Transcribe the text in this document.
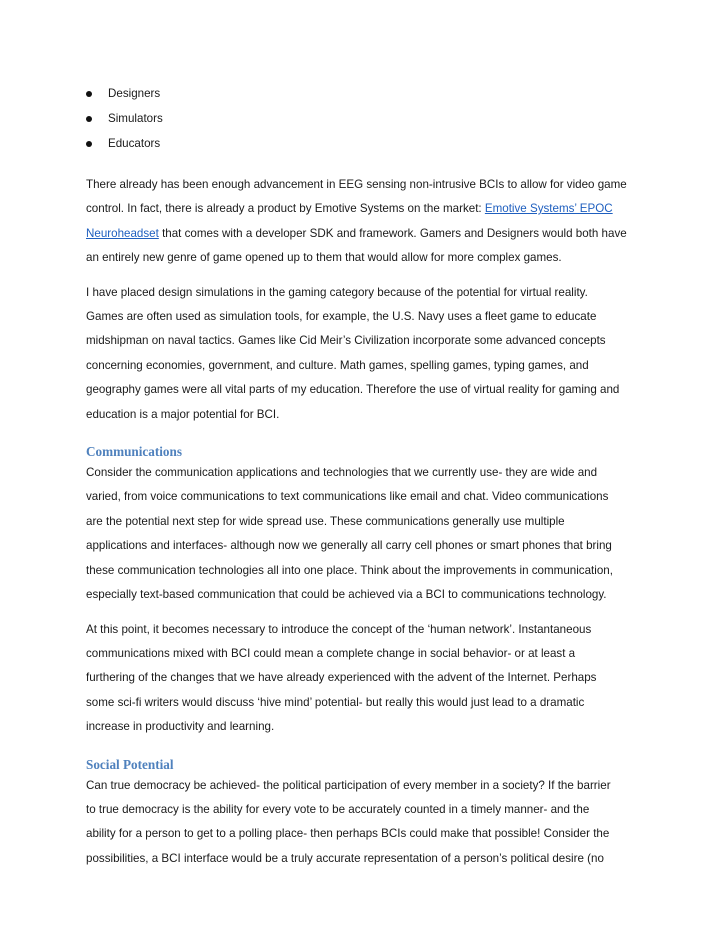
Designers
Simulators
Educators

There already has been enough advancement in EEG sensing non-intrusive BCIs to allow for video game
control. In fact, there is already a product by Emotive Systems on the market: Emotive Systems’ EPOC
Neuroheadset that comes with a developer SDK and framework. Gamers and Designers would both have
an entirely new genre of game opened up to them that would allow for more complex games.

I have placed design simulations in the gaming category because of the potential for virtual reality.
Games are often used as simulation tools, for example, the U.S. Navy uses a fleet game to educate
midshipman on naval tactics. Games like Cid Meir’s Civilization incorporate some advanced concepts
concerning economies, government, and culture. Math games, spelling games, typing games, and
geography games were all vital parts of my education. Therefore the use of virtual reality for gaming and
education is a major potential for BCI.

Communications

Consider the communication applications and technologies that we currently use- they are wide and
varied, from voice communications to text communications like email and chat. Video communications
are the potential next step for wide spread use. These communications generally use multiple
applications and interfaces- although now we generally all carry cell phones or smart phones that bring
these communication technologies all into one place. Think about the improvements in communication,
especially text-based communication that could be achieved via a BCI to communications technology.

At this point, it becomes necessary to introduce the concept of the ‘human network’. Instantaneous
communications mixed with BCI could mean a complete change in social behavior- or at least a
furthering of the changes that we have already experienced with the advent of the Internet. Perhaps
some sci-fi writers would discuss ‘hive mind’ potential- but really this would just lead to a dramatic
increase in productivity and learning.

Social Potential

Can true democracy be achieved- the political participation of every member in a society? If the barrier
to true democracy is the ability for every vote to be accurately counted in a timely manner- and the
ability for a person to get to a polling place- then perhaps BCIs could make that possible! Consider the
possibilities, a BCI interface would be a truly accurate representation of a person’s political desire (no
